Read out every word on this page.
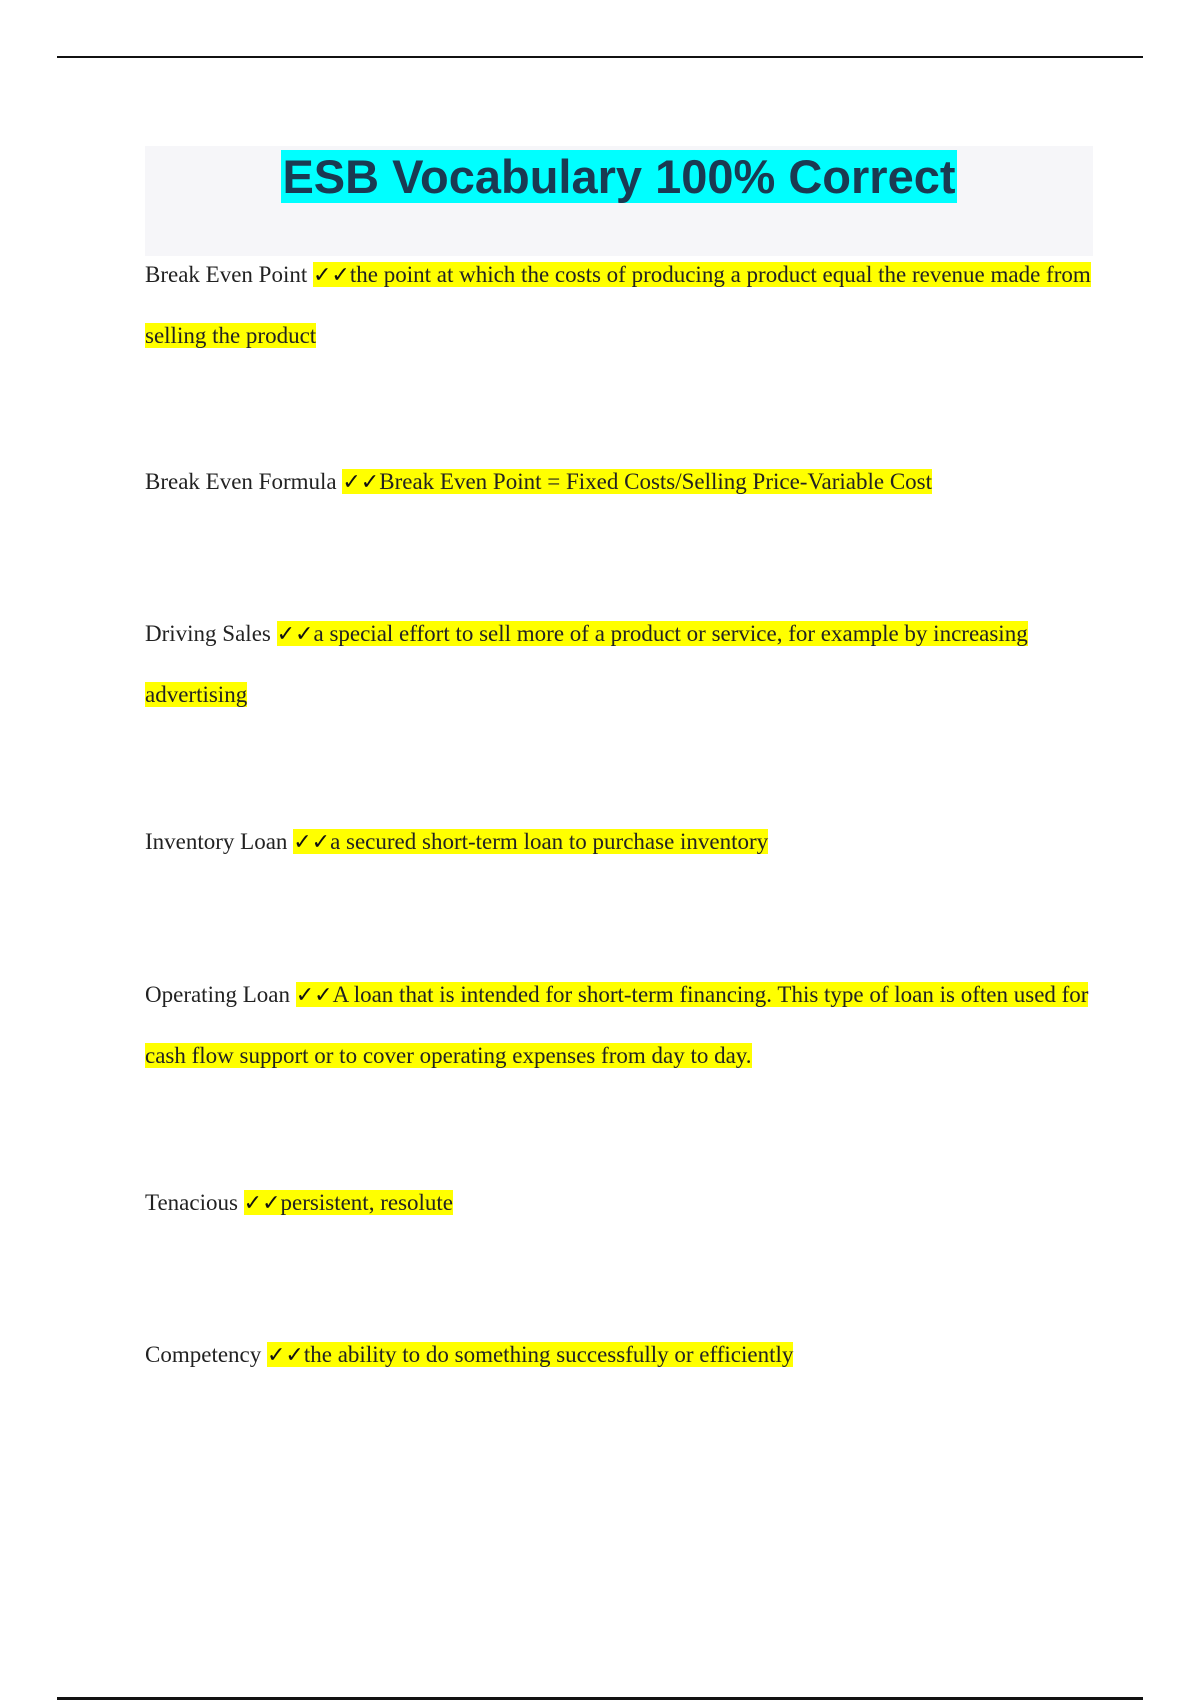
ESB Vocabulary 100% Correct

Break Even Point ✓✓the point at which the costs of producing a product equal the revenue made from selling the product

Break Even Formula ✓✓Break Even Point = Fixed Costs/Selling Price-Variable Cost

Driving Sales ✓✓a special effort to sell more of a product or service, for example by increasing advertising

Inventory Loan ✓✓a secured short-term loan to purchase inventory

Operating Loan ✓✓A loan that is intended for short-term financing. This type of loan is often used for cash flow support or to cover operating expenses from day to day.

Tenacious ✓✓persistent, resolute

Competency ✓✓the ability to do something successfully or efficiently
